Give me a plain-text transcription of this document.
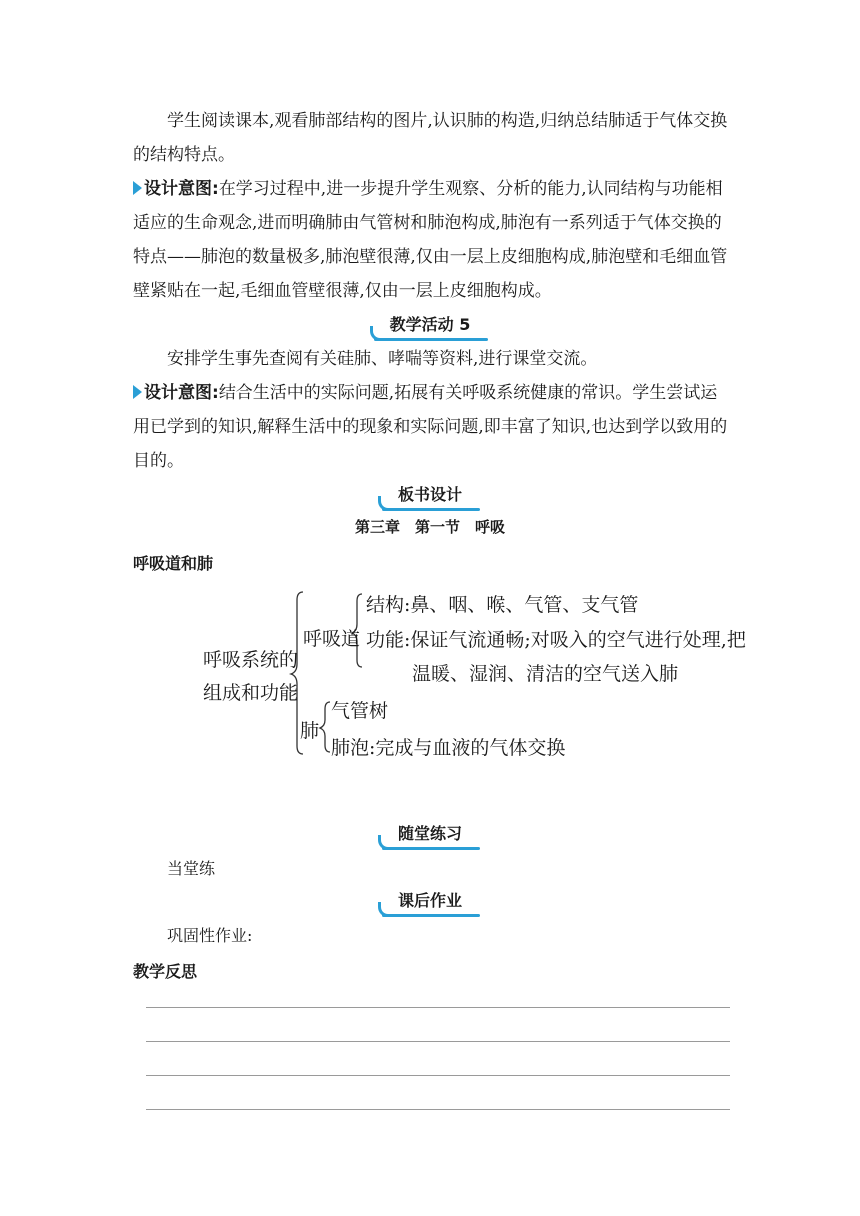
学生阅读课本,观看肺部结构的图片,认识肺的构造,归纳总结肺适于气体交换的结构特点。

设计意图:在学习过程中,进一步提升学生观察、分析的能力,认同结构与功能相适应的生命观念,进而明确肺由气管树和肺泡构成,肺泡有一系列适于气体交换的特点——肺泡的数量极多,肺泡壁很薄,仅由一层上皮细胞构成,肺泡壁和毛细血管壁紧贴在一起,毛细血管壁很薄,仅由一层上皮细胞构成。

教学活动 5

安排学生事先查阅有关硅肺、哮喘等资料,进行课堂交流。

设计意图:结合生活中的实际问题,拓展有关呼吸系统健康的常识。学生尝试运用已学到的知识,解释生活中的现象和实际问题,即丰富了知识,也达到学以致用的目的。

板书设计
第三章　第一节　呼吸
呼吸道和肺
呼吸系统的
组成和功能
呼吸道
结构:鼻、咽、喉、气管、支气管
功能:保证气流通畅;对吸入的空气进行处理,把
温暖、湿润、清洁的空气送入肺
肺
气管树
肺泡:完成与血液的气体交换
随堂练习
当堂练
课后作业
巩固性作业:
教学反思
